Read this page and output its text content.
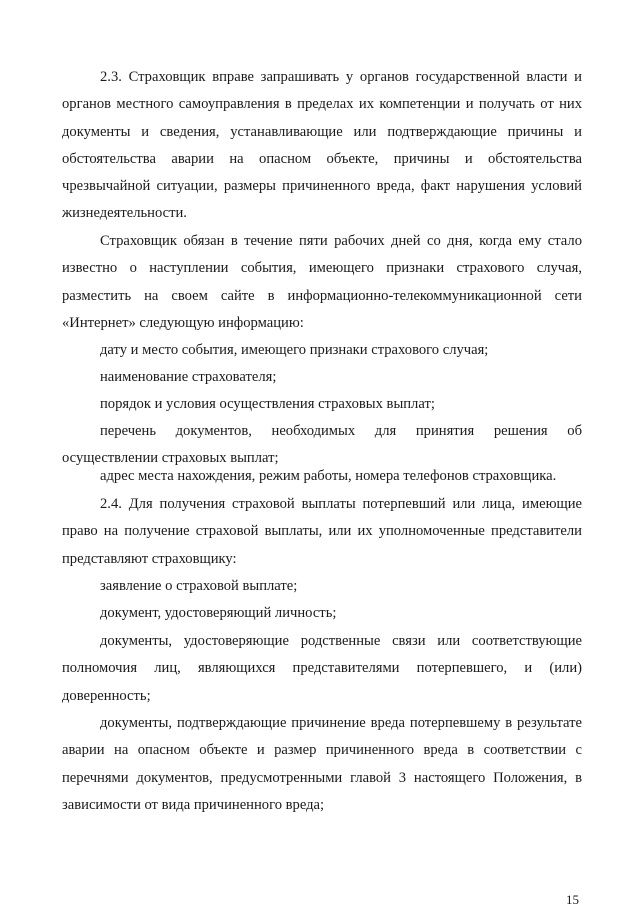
2.3. Страховщик вправе запрашивать у органов государственной власти и органов местного самоуправления в пределах их компетенции и получать от них документы и сведения, устанавливающие или подтверждающие причины и обстоятельства аварии на опасном объекте, причины и обстоятельства чрезвычайной ситуации, размеры причиненного вреда, факт нарушения условий жизнедеятельности.

Страховщик обязан в течение пяти рабочих дней со дня, когда ему стало известно о наступлении события, имеющего признаки страхового случая, разместить на своем сайте в информационно-телекоммуникационной сети «Интернет» следующую информацию:

дату и место события, имеющего признаки страхового случая;

наименование страхователя;

порядок и условия осуществления страховых выплат;

перечень документов, необходимых для принятия решения об осуществлении страховых выплат;

адрес места нахождения, режим работы, номера телефонов страховщика.

2.4. Для получения страховой выплаты потерпевший или лица, имеющие право на получение страховой выплаты, или их уполномоченные представители представляют страховщику:

заявление о страховой выплате;

документ, удостоверяющий личность;

документы, удостоверяющие родственные связи или соответствующие полномочия лиц, являющихся представителями потерпевшего, и (или) доверенность;

документы, подтверждающие причинение вреда потерпевшему в результате аварии на опасном объекте и размер причиненного вреда в соответствии с перечнями документов, предусмотренными главой 3 настоящего Положения, в зависимости от вида причиненного вреда;

15
